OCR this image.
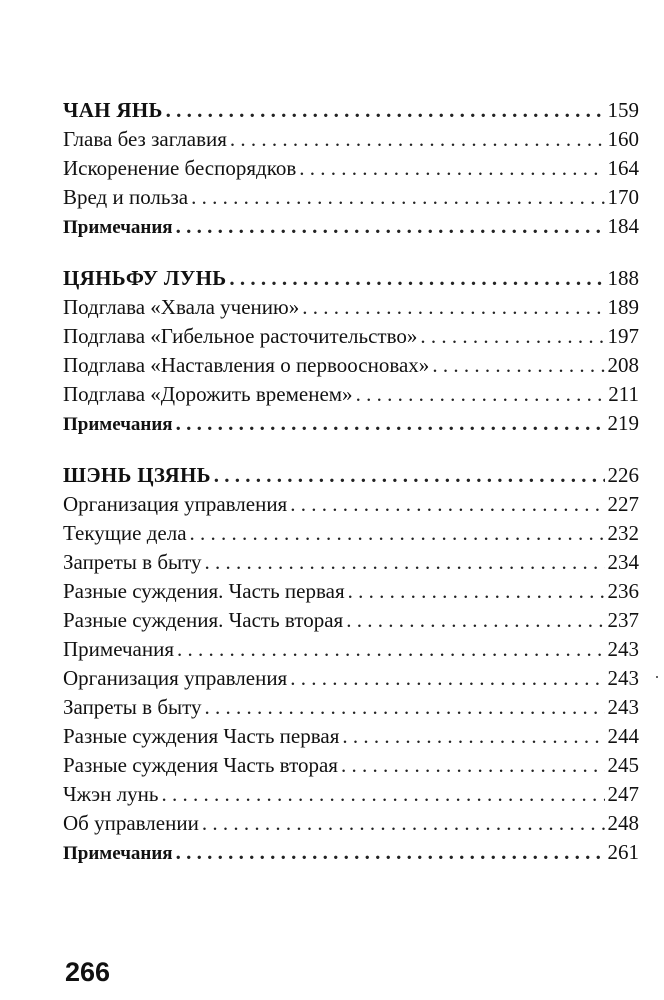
ЧАН ЯНЬ . . .	159
Глава без заглавия . . .	160
Искоренение беспорядков . . .	164
Вред и польза . . .	170
Примечания . . .	184
ЦЯНЬФУ ЛУНЬ . . .	188
Подглава «Хвала учению» . . .	189
Подглава «Гибельное расточительство» . . .	197
Подглава «Наставления о первоосновах» . . .	208
Подглава «Дорожить временем» . . .	211
Примечания . . .	219
ШЭНЬ ЦЗЯНЬ . . .	226
Организация управления . . .	227
Текущие дела . . .	232
Запреты в быту . . .	234
Разные суждения. Часть первая . . .	236
Разные суждения. Часть вторая . . .	237
Примечания . . .	243
Организация управления . . .	243
Запреты в быту . . .	243
Разные суждения Часть первая . . .	244
Разные суждения Часть вторая . . .	245
Чжэн лунь . . .	247
Об управлении . . .	248
Примечания . . .	261
266
